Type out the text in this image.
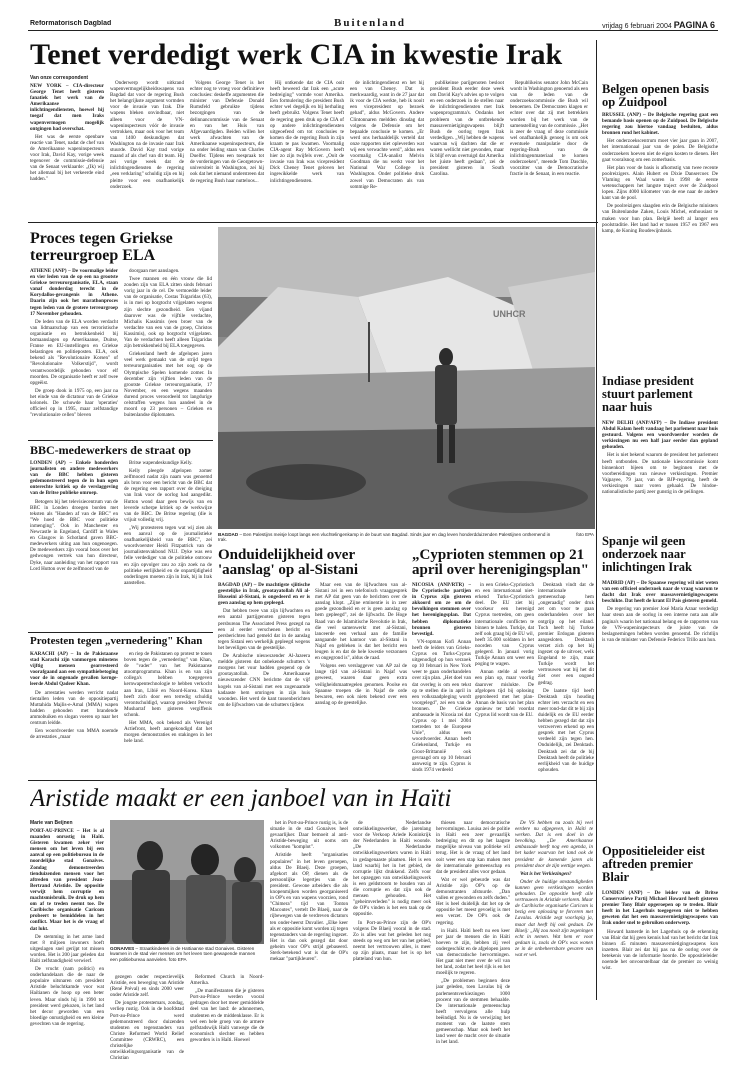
Reformatorisch Dagblad	Buitenland	vrijdag 6 februari 2004 PAGINA 6
Tenet verdedigt werk CIA in kwestie Irak
Van onze correspondent

NEW YORK – CIA-directeur George Tenet heeft gisteren fanatiek het werk van de Amerikaanse inlichtingendiensten, hoewel hij toegaf dat men Iraks wapenvermogen mogelijk ontgingen had overschat.

Het was de eerste openbare reactie van Tenet, nadat de chef van de Amerikaanse wapeninspecteurs voor Irak, David Kay, vorige week tegenover de commissie-defensie van de Senaat verklaarde: „(Ik) wij het allemaal bij het verkeerde eind hadden."

Onderwerp wordt uitkrand wapenvermogelijkheidswapens van Bagdad dat voor de regering Bush het belangrijkste argument vormden voor de invasie van Irak. Die wapens bleken onvindbaar, niet alleen voor de VN-wapeninspecteurs vóór de invasie vertrokken, maar ook voor het team van 1400 deskundigen dat Washington na de invasie naar Irak stuurde. David Kay trad vorige maand af als chef van dit team. Hij zei vorige week dat de inlichtingendiensten de regering „een verklaring" schuldig zijn en hij pleitte voor een onafhankelijk onderzoek.

Volgens George Tenet is het echter nog te vroeg voor definitieve conclusies: deskeffe argumenten die minister van Defensie Donald Rumsfeld gebruikte tijdens bezorgingen van de delinnancommissie van de Senaat en van het Huis van Afgevaardigden. Beiden willen het werk afwachten van de Amerikaanse wapeninspecteurs, die na onder leiding staan van Charles Duelfer. Tijdens een toespraak tot de vorderingen van de Georgetown-universiteit in Washington, zei hij ook dat het niemand onderstreen dat de regering Bush haar nutteloos...

Hij ontkende dat de CIA ooit heeft beweerd dat Irak een „acute bedreiging" vormde voor Amerika. Een formulering die president Bush echter wel degelijk en bij herhaling heeft gebruikt. Volgens Tenet heeft de regering geen druk op de CIA of op andere inlichtingendiensten uitgeoefend om tot conclusies te komen die de regering Bush in zijn kraam te pas kwamen. Voormalig CIA-agent Ray McGovern heeft hier zo zijn twijfels over. „Ooit de invasie van Irak was vicepresident Dick Cheney Tenet geloven het ingewikkelde werk van inlichtingendiensten.

de inlichtingendienst en het hij een van Cheney. Dat is merkwaardig, want in de 27 jaar dat ik voor de CIA werkte, heb ik nooit een vicepresident op bezoek gehad", aldus McGovern. Andere Clintonnaren meldden dinsdag dat volgens de Defensie om het bepaalde conclusie te komen. „Er werd ons herhaaldelijk verteld dat onze rapporten niet opleverden wat wij een verwachte werd", aldus een voormalig CIA-analist Melvin Goodman die nu werkt voor het National War College in Washington. Onder politieke druk zowel van Democraten als van sommige Re-

publikeinse parijgenoten besloot president Bush eerder deze week om David Kay's advies op te volgen en een onderzoek in de stellen naar de inlichtingendiensten met Irak wapenprogramma's. Ondanks het probleem van de ontbrekende massavernietigingswapens blijft Bush de oorlog tegen Irak verdedigen. „Wij hebben de wapens waarvan wij dachten dat die er waren wellicht niet gevonden, maar ik blijf ervan overtuigd dat Amerika het juiste heeft gedaan", zei de president gisteren in South Carolina.

Republikeins senator John McCain wordt in Washington genoemd als een van de leden van de onderzoekscommissie die Bush wil benoemen. De Democraten klagen er echter over dat zij met betrekken worden bij het werk van de samenstelling van de commissie. „Het is zeer de vraag of deze commissie wel onafhankelijk genoeg is om ook eventuele manipulatie door de regering-Bush van de inlichtingenmateriaal te komen onderzoeken", meende Tom Daschle, voorzitter van de Democratische fractie in de Senaat, in een reactie.

Belgen openen basis op Zuidpool

BRUSSEL (ANP) – De Belgische regering gaat een bemande basis openen op de Zuidpool. De Belgische regering zou hiertoe vandaag besluiten, aldus bronnen rond het kabinet.

Het onderzoekscentrum moet vier jaar gaan in 2007, het internationaal jaar van de polen. De Belgische onderzoekers hoeven niet de eigen kosten te dienen. Het gaat vooralsnog om een zomerbasis.

Het plan voor de basis is afkomstig van twee recente poolreizigers. Alain Hubert en Dixie Dansercoer. De Vlaming en Waal waren in 1998 de eerste wetenschappers het langste traject over de Zuidpool lopen. Zijns 4000 kilometer van de ene naar de andere kant van de pool.

De poolreizigers slaagden erin de Belgische ministers van Buitenlandse Zaken, Louis Michel, enthousiast te maken voor hun plan. België heeft al langer een poolstraditie. Het land had er tussen 1957 en 1967 een kamp, de Koning Boudewijnbasis.

Indiase president stuurt parlement naar huis

NEW DELHI (ANP/AFP) – De Indiase president Abdul Kalam heeft vandaag het parlement naar huis gestuurd. Volgens een woordvoerder worden de verkiezingen nu een half jaar eerder dan gepland gehouden.

Het is niet bekend waarom de president het parlement heeft ontbonden. De nationale kiescommissie komt binnenkort bijeen om te beginnen met de voorbereidingen van nieuwe verkiezingen. Premier Vajpayee, 79 jaar, van de BJP-regering, heeft de verkiezingen naar voren gehaald. De hindoe-nationalistische partij zeer gunstig in de peilingen.

Spanje wil geen onderzoek naar inlichtingen Irak

MADRID (AP) – De Spaanse regering wil niet weten van een officieel onderzoek naar de vraag waarom te dacht dat Irak over massavernietigingswapens beschikte. Dat heeft de krant El País gisteren gemeld.

De regering van premier José María Aznar verdedigt haar steun aan de oorlog in een interne nota aan alle pagina's waarin het nationaal belang en de rapporten van de VN-wapeninspecteurs de juiste van de beslagnemingen hebben worden genoemd. De richtlijn is van de minister van Defensie Federico Trillo aan hun.

Oppositieleider eist aftreden premier Blair

LONDEN (ANP) – De leider van de Britse Conservatieve Partij Michael Howard heeft gisteren premier Tony Blair opgeroepen op te treden. Blair heeft in het Lagerhuis toegegeven niet te hebben geweten dat het een massavernietigingswapens van Irak onder snel te gebruiken onderwerp.

Howard hamerde in het Lagerhuis op de erkenning van Blair dat hij geen kennis had van het bericht dat Irak binnen 45 minuten massavernietigingswapens kon inzetten. Blair zei dat hij pas na de oorlog over de betekenis van de informatie hoorde. De oppositieleider noemde het onvoorstelbaar dat de premier zo weinig wist.

Proces tegen Griekse terreurgroep ELA

ATHENE (ANP) – De voormalige leider en vier leden van de op een na grootste Griekse terreurorganisatie, ELA, staan vanaf donderdag terecht in de Korydallos-gevangenis in Athene. Daarin zijn ook het marathonproces tegen leden van de grotere terreurgroep 17 November gehouden.

De leden van de ELA worden verdacht van lidmaatschap van een terroristische organisatie en betrokkenheid bij bomaanslagen op Amerikaanse, Duitse, Franse en EU-instellingen en Griekse belastingen en politieposten. ELA, ook bekend als "Revolutionaire Korsen" of "Revolutionaire Volkerstijd", wordt verantwoordelijk gehouden voor elf moorden. De organisatie heeft er zelf twee opgeëist.

De groep dook in 1975 op, een jaar na het einde van de dictatuur van de Griekse kolonels. De schuwde haar 'operaties' officieel op in 1995, maar zelfstandige "revolutionaire cellen" bleven

doorgaan met aanslagen.

Twee mannen en één vrouw die lid zouden zijn van ELA zitten sinds februari vorig jaar in de cel. De vermoedde leider van de organisatie, Costas Tsigaridas (63), is in mei op borgtocht vrijgelaten wegens zijn slechte gezondheid. Een vijand daarover was de vijftile verdachte, Michalis Kassimis (een broer van de verdachte van een van de groep, Christos Kassimis), ook op borgtocht vrijgelaten. Van de verdachten heeft alleen Tsigaridas zijn betrokkenheid bij ELA toegegeven.

Griekenland heeft de afgelopen jaren veel werk gemaakt van de strijd tegen terreurorganisaties met het oog op de Olympische Spelen komende zomer. In december zijn vijftien leden van de grootste Griekse terreurorganisatie, 17 November, en een wegens maanden durend proces veroordeeld tot langdurige celstraffen wegens hun aandeel in de moord op 23 personen – Grieken en buitenlandse diplomaten.

UNHCR
BAGDAD – Een Palestijns meisje loopt langs een vluchtelingenkamp in de buurt van Bagdad. Sinds jaar en dag leven honderdduizenden Palestijnen onthemend in Irak.
foto EPA
BBC-medewerkers de straat op

LONDEN (AP) – Enkele honderden journalisten en andere medewerkers van de BBC hebben gisteren gedemonstreerd tegen de in hun ogen onterechte kritiek op de verslaggeving van de Britse publieke omroep.

Betogers bij het televisiecentrum van de BBC in Londen droegen borden met teksten als "Handen af van de BBC" en "We hoed de BBC voor politieke inmenging". Ook in Manchester en Newcastle in Engeland, Cardiff in Wales en Glasgow in Schotland gaven BBC-medewerkers uiting aan hun ongenoegen. De medewerkers zijn vooral boos over het gedwongen vertrek van hun directeur, Dyke, naar aanleiding van het rapport van Lord Hutton over de zelfmoord van de

Britse wapendeskundige Kelly.

Kelly pleegde afgelopen zomer zelfmoord nadat zijn naam was genoemd als bron voor een bericht van de BBC dat de regering een rapport over de dreiging van Irak voor de oorlog had aangedikt. Hutton wond daar geen bewijs van en leverde scherpe kritiek op de werkwijze van de BBC. De Britse regering (die is vrijuit volledig vrij.

„Wij protesteren tegen wat wij zien als een aanval op de journalistieke onafhankelijkheid van de BBC", zei woordvoerster Heidi Fitzpatrick van de journalistenvakbond NUJ. Dyke was een felle verdediger van de politieke ontrouw en zijn opvolger zou zo zijn zoek na de politieke eerlijkheid en de onpartijdigheid onderlingen moeten zijn in Irak, bij in Irak aanstellen.

Protesten tegen „vernedering" Khan

KARACHI (AP) – In de Pakistaanse stad Karachi zijn vanmorgen minstens vijftig mensen gearresteerd voorafgaand aan een sympathiebetoging voor de in ongenade gevallen kernge- leerde Abdul Qadeer Khan.

De arrestaties werden verricht nadat tientallen leden van de oppositiepartij Muttahida Majlis-e-Amal (MMA) wapen hadden gehouden met brandende ammobuiken en slogan voeren op naar het centrum leidde.

Een woordvoerder van MMA noemde de arrestaties „maar

en riep de Pakistanen op protest te tonen boven tegen de „vernedering" van Khan, de "vader" van het Pakistaanse atoomprogramma. Khan is en van zijn collega's hebben toegegeven kernwapentechnologie te hebben verkocht aan Iran, Libië en Noord-Korea. Khan heeft zich door een terredig schuldig verontschuldigd, waarop president Pervez Musharraf hem gisteren vergiffenis schonk.

Het MMA, ook bekend als Verenigd Actiefront, heeft aangekondigd dat het morgen demonstraties en stakingen in het hele land.

Onduidelijkheid over 'aanslag' op al-Sistani

BAGDAD (AP) – De machtigste sjiitische geestelijke in Irak, grootayatollah Ali al-Husseini al-Sistani, is ongedeerd en er is geen aanslag op hem gepleegd.

Dat hebben twee van zijn lijfwachten en een aantal partijgenoten gisteren tegen persbureau The Associated Press gezegd na een al eerder verschenen bericht en persberichten had gemeld dat in de aanslag tegen Sistani een werkelijk gepleegd wegens het beveiligen van de geestelijke.

De Arabische nieuwszender Al-Jazeera meldde gisteren dat onbekende schutters 's morgens het vuur hadden geopend op de grootayatollah. De Amerikaanse nieuwszender CNN berichtte dat de vijf kogels van al-Sistani met een zogenaamde kadaaste hem omringen in zijn huis woonden. Het werd de kant tussenberichten om de lijfwachten van de schutters tijdens

Maar een van de lijfwachten van al-Sistani zei in een telefonisch vraaggesprek met AP dat geen van de berichten over de aanslag klopt. „Zijne eminentie is in zeer goede gezondheid en er is geen aanslag op hem gepleegd", zei de lijfwacht. De Hoge Raad van de Islamitische Revolutie in Irak, die veel samenwerkt met al-Sistani, lanceerde een verhaal aan de familie aangaande het kantoor van al-Sistani in Najaf en gebleken is dat het bericht een leugen is en dat de hele kwestie verzonnen en ongegrond is", aldus de raad.

Volgens een verslaggever van AP zal de lange tijd van al-Sistani in Najaf was geweest, waaren daar geen extra veiligheidsmaatregelen genomen. Poolse en Spaanse troepen die in Najaf de orde bewaren, een ook niets bekend over een aanslag op de geestelijke.

„Cyprioten stemmen op 21 april over herenigingsplan"

NICOSIA (ANP/RTR) – De Cypriotische partijen in Cyprus zijn gisteren akkoord om ze om de bevolkingen stemmen over het herenigingsplan. Dat hebben diplomatieke bronnen gisteren bevestigd.

VN-topman Kofi Annan heeft de leiders van Grieks-Cyprus en Turks-Cyprus uitgenodigd op hun verzoek op 10 februari in New York weer te gaan onderhandelen over zijn plan. „Het doel van dat overleg is om een tekst op te stellen die in april in een volksraadpleging wordt voorgelegd", zei een van de bronnen. De Griekse ambassade in Nicosia zei dat Cyprus op 1 mei 2004 toetreden tot de Europese Unie", aldus een woordvoerder. Annan heeft Griekenland, Turkije en Groot-Brittannië ook gevraagd om op 10 februari aanwezig te zijn. Cyprus is sinds 1974 verdeeld

in een Grieks-Cypriotisch en een internationaal niet-erkend Turks-Cypriotisch deel. De EU ziet bij voorkeur een herenigd Cyprus toetreden, om geen internationale conflicten te binnen te halen. Turkije, dat zelf ook graag bij de EU wil, heeft 35.000 soldaten in het noorden van Cyprus gelegerd. In januari vorig Turkije Annan om weer een poging te wagen.

Annan stelde al eerder een plan op, maar voorlig daarover mislukte. De afgelopen tijd bij oplosing geprobeerd met het plan-Annan de basis van het plan opnieuw ter tafel voordat Cyprus lid wordt van de EU.

Denktash vindt dat de internationale gemeenschap hem „ongeraadig" onder druk zet om voor te gaan onderhandelen over het ontgrijp op het eiland. Toch heeft hij Turkse premier Erdogan gisteren aangesloten. Denktash verzet zich op het bij ingezet op de uitvoer, welk Engeland te zijn, maar Turkije wordt het vertrouwen wat bij het dit ziet over een ongoed gedrag.

De laatste tijd heeft Denktash zijn houding echter iets verzacht en een meer rond-dat dit te bij zijn duidelijk en de EU eerder hebben gezegd dat dat zijn verzwerven erkend op een gesprek met het Cyprus verdeeld zijn tegen hen. Onduidelijk, zei Denktash. Denktash zei dat de bij Denktash heeft de politieke eerlijkheid van de huidige ophouden.

Aristide maakt er een janboel van in Haïti
Marie van Beijnen

PORT-AU-PRINCE – Het is al maanden onrustig in Haïti. Gisteren kwamen zeker vier mensen om het leven bij een aanval op een politiebureau in de noordelijke stad Gonaives. Zondag demonstreerden tienduizenden mensen voor het aftreden van president Jean-Bertrand Aristide. De oppositie verwijt hem corruptie en machtsmisbruik. De druk op hem om af te treden neemt toe. De Caribische organisatie Caricom probeert te bemiddelen in het conflict. Maar het is de vraag of dat lukt.

De stemming in het arme land met 8 miljoen inwoners hoeft uitgeslagen snel gerijpt tot missen worden. Het is 200 jaar geleden dat Haïti zelfstandigheid verwierf.

De vrucht (nam politici) en onderhandelaars die de naar de populaire uitsnaren om president Aristide beluchtkamde voor wat Haïtianen de hoop op een beter leven. Maar sinds hij in 1990 tot president werd gekozen, is het land het decor geworden van een bloedige onrustigheid en een kleine gevechten van de regering.

GONAIVES – Straatkinderen in de Haïtiaanse stad Gonaives. Gisteren kwamen in de stad vier mensen om het leven toen gewapende mannen een politiebureau aanvielen. foto EPA

gezegen onder respectievelijk Aristide, een beweging van Aristide (René Préval) en sinds 2000 weer onder Aristide zelf.

De jongste protestemars, zondag, verliep rustig. Ook in de hoofdstad Port-au-Prince werd gedemonstreerd door duizenden studenten en tegenstanders van Christe Reformed World Relief Committee (CRWRC), een christelijke ontwikkelingsorganisatie van de Christian

Reformed Church in Noord-Amerika.

„De manifestanten die je gisteren Port-au-Prince werden vooral gedragen door het meer gemiddelde deel van het land: de adonnernen, studenten en de middenklasse. Er is wel een hele groep van de armere gelfstadswijk Haïti vanwege die de economisch slechter en hebben geworden is in Haïti. Hoewel

het in Port-au-Prince rustig is, is de situatie in de stad Gonaives heel gevaarlijker. Daar bemoeit al anti-Aristide-beweging uit ooms om volkomen "komplot".

Aristide heeft "organisaties populaires" in het leven geroepen, aldus De Blaeij. Deze groepen, afgekort als OP, dienen als de persoonlijke legertjes van de president. Gewone arbeiders die als knopenmijken worden georganiseerd in OP's en van wapens voorzien, rond "Chimera" tijd van Tonton Macoutes", vertelt De Blaeij, naar de rijbewegen van de verdreven dictators ten onder-heerst Duvalier. „Elke keer als er oppositie komt worden zij tegen tegenstanders van de regering ingezet. Het is dan ook gezegd dat door geheim voor OP's strijd gebaseerd. Sterk-betekend wat is dat de OP's mekaar "partijkleuren".

de Nederlandse ontwikkelingswerker, die jarenlang voor de Verkoop Ariede Koninkrijk der Nederlanden in Haïti woonde. „De Nederlandse ontwikkelingswerkers waren in Haïti in gedagenaaste plaatsen. Het is een land waarbij het in het gebied, de corruptie lijkt drukkend. Zelfs voor het opzeggen van ontwikkelingswerk is een geldstroom te houden van al die corruptie en dat zijn ook de mensen gehouden. Het "geheimverleden" is nodig meer ook de OP's vinden is het een taak op de oppositie.

In Port-au-Prince zijn de OP's volgens De Blaeij vooral in de stad. Zo is alles wat het geleden het nog steeds op weg om het van het gebied, neemt het vertrouwen alles, is meer op zijn plaats, maar het is op het platteland van hun.

thiesen naar democratische hervormingen. Louisa zei de politie in Haïti een zeer gevaarlijk bedreiging en dit op het laagste mogelijke niveau van politieke wil terug. Het is de vraag of het land ooit weer een stap kan maken met de internationale gemeenschap en dat de president alles voor gedaan.

Wat er wel gebeurde was dat Aristide zijn OP's op de demonstranten afstuurde. „Dan vallen er gewonden en zelfs doden." Het is heel duidelijk dat het op de oppositie het meest gevoelig is met een verzet. De OP's ook de regering.

in Haïti. Haïti heeft nu een keer per jaar de mensen die in Haïti hoeven te zijn, hebben zij veel ondergeschikt en de afgelopen jaren van democratische hervormingen. Het gaat niet meer over de wil van het land, zodat het heel rijk is en het moeilijk te regeren.

„De problemen beginnen deze jaar geleden, toen Lavalas bij de parlementsverkiezingen 1000 procent van de stemmen behaalde. De internationale gemeenschap heeft vervolgens alle hulp beëindigd. Nu is de verwijzing het moment van de laatste stem gemeenschap. Maar ook heeft het land weer de macht over de situatie in het land.

De VS hebben nu zoals bij veel eerdere nu afgegeven, in Haïti te werken. Dat is een doel in de bevolking. „De Amerikaanse ambassade heeft nog een agenda, in het kader waarvan het land ook de president de komende jaren als president door de zijn wettige wegen.

Wat is het Verkiezingen?

Onder de huidige omstandigheden kunnen geen verkiezingen worden gehouden. De oppositie heeft alle vertrouwen in Aristide verloren. Maar de Caribische organisatie Caricom is bezig een oplossing te forceren met Lavalas. Aristide zegt voorlopig ja, maar dat heeft hij ook gedaan. De Blaeij: „Hij zou nooit zijn zegeningen echt in nemen. Wat hem er voor gedaan is, zoals de OP's was wonen ze in de onbeheersbare gevaren van wat er wel.
